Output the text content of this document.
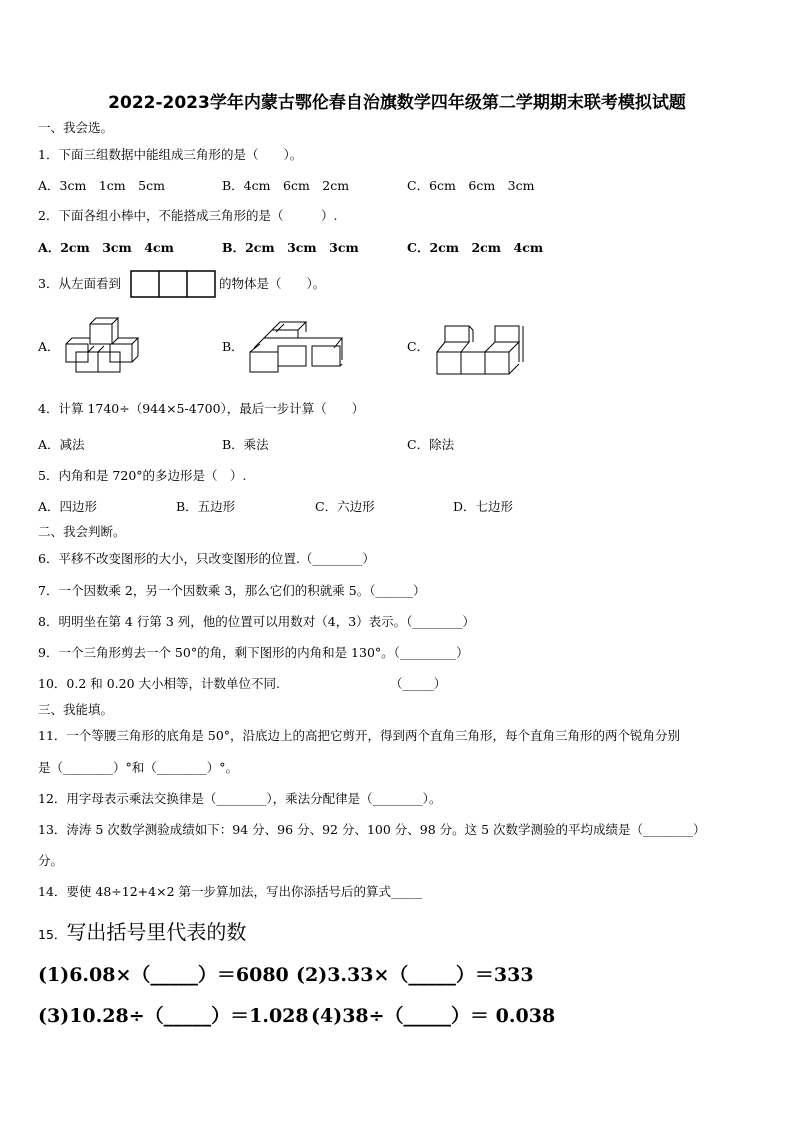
2022-2023学年内蒙古鄂伦春自治旗数学四年级第二学期期末联考模拟试题
一、我会选。
1．下面三组数据中能组成三角形的是（　　）。
A．3cm　1cm　5cm	B．4cm　6cm　2cm	C．6cm　6cm　3cm
2．下面各组小棒中，不能搭成三角形的是（　　　）.
A．2cm　3cm　4cm	B．2cm　3cm　3cm	C．2cm　2cm　4cm
3．从左面看到	的物体是（　　）。
A．	B．	C．
4．计算 1740÷（944×5-4700），最后一步计算（　　）
A．减法	B．乘法	C．除法
5．内角和是 720°的多边形是（　）.
A．四边形	B．五边形	C．六边形	D．七边形
二、我会判断。
6．平移不改变图形的大小，只改变图形的位置.（________）
7．一个因数乘 2，另一个因数乘 3，那么它们的积就乘 5。（______）
8．明明坐在第 4 行第 3 列，他的位置可以用数对（4，3）表示。（________）
9．一个三角形剪去一个 50°的角，剩下图形的内角和是 130°。（_________）
10．0.2 和 0.20 大小相等，计数单位不同.	（_____）
三、我能填。
11．一个等腰三角形的底角是 50°，沿底边上的高把它剪开，得到两个直角三角形，每个直角三角形的两个锐角分别
是（________）°和（________）°。
12．用字母表示乘法交换律是（________），乘法分配律是（________）。
13．涛涛 5 次数学测验成绩如下：94 分、96 分、92 分、100 分、98 分。这 5 次数学测验的平均成绩是（________）
分。
14．要使 48÷12+4×2 第一步算加法，写出你添括号后的算式_____
15．写出括号里代表的数
(1)6.08×（_____）＝6080 (2)3.33×（_____）＝333
(3)10.28÷（_____）＝1.028 (4)38÷（_____）＝ 0.038
